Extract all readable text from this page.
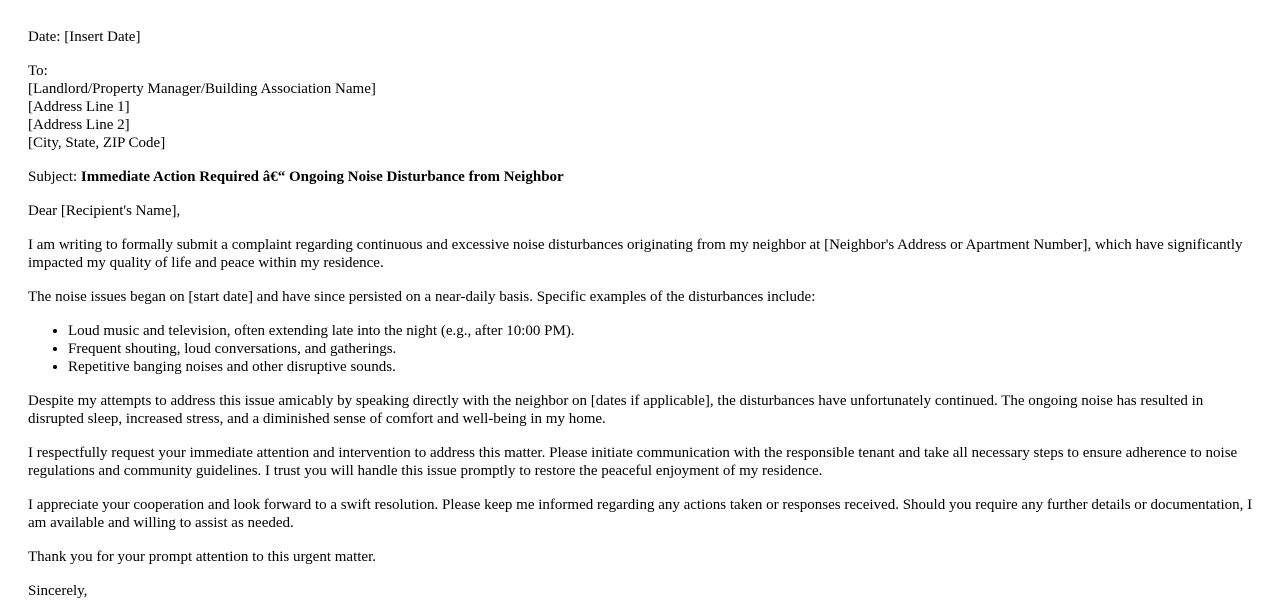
Date: [Insert Date]

To:
[Landlord/Property Manager/Building Association Name]
[Address Line 1]
[Address Line 2]
[City, State, ZIP Code]

Subject: Immediate Action Required â€“ Ongoing Noise Disturbance from Neighbor

Dear [Recipient's Name],

I am writing to formally submit a complaint regarding continuous and excessive noise disturbances originating from my neighbor at [Neighbor's Address or Apartment Number], which have significantly impacted my quality of life and peace within my residence.

The noise issues began on [start date] and have since persisted on a near-daily basis. Specific examples of the disturbances include:

• Loud music and television, often extending late into the night (e.g., after 10:00 PM).
• Frequent shouting, loud conversations, and gatherings.
• Repetitive banging noises and other disruptive sounds.

Despite my attempts to address this issue amicably by speaking directly with the neighbor on [dates if applicable], the disturbances have unfortunately continued. The ongoing noise has resulted in disrupted sleep, increased stress, and a diminished sense of comfort and well-being in my home.

I respectfully request your immediate attention and intervention to address this matter. Please initiate communication with the responsible tenant and take all necessary steps to ensure adherence to noise regulations and community guidelines. I trust you will handle this issue promptly to restore the peaceful enjoyment of my residence.

I appreciate your cooperation and look forward to a swift resolution. Please keep me informed regarding any actions taken or responses received. Should you require any further details or documentation, I am available and willing to assist as needed.

Thank you for your prompt attention to this urgent matter.

Sincerely,
